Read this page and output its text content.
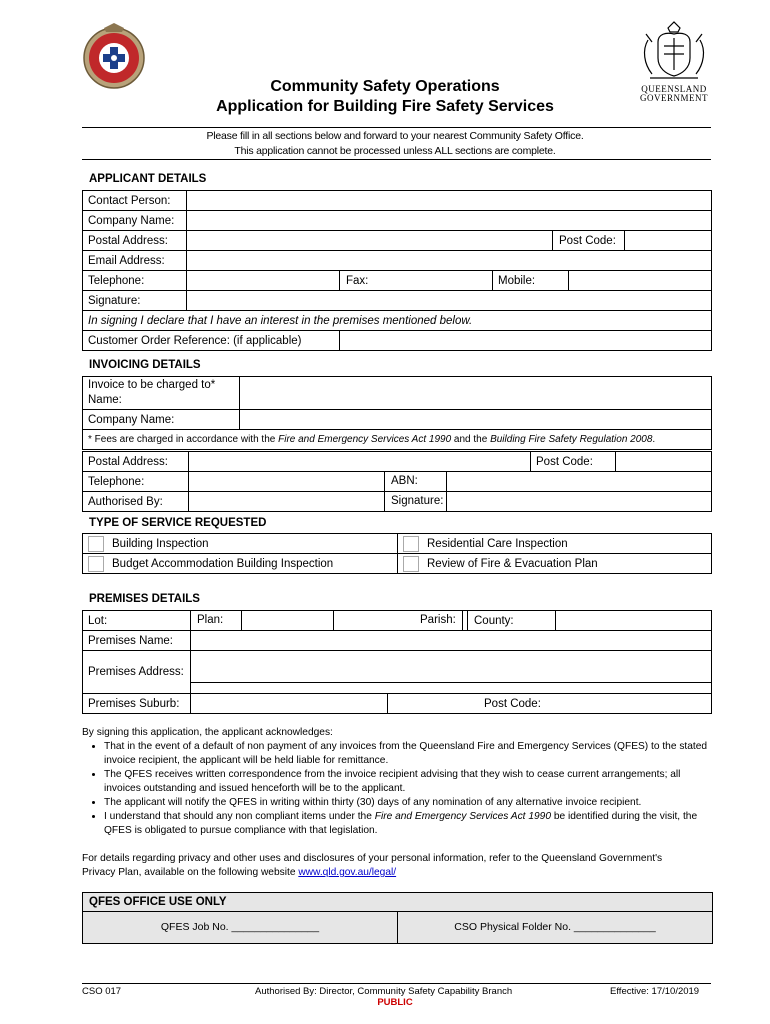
QUEENSLAND
GOVERNMENT
Community Safety Operations
Application for Building Fire Safety Services
Please fill in all sections below and forward to your nearest Community Safety Office.
This application cannot be processed unless ALL sections are complete.
APPLICANT DETAILS
Contact Person:						
Company Name:						
Postal Address:				Post Code:		
Email Address:						
Telephone:		Fax:	Mobile:			
Signature:						
In signing I declare that I have an interest in the premises mentioned below.						
Customer Order Reference: (if applicable)						
INVOICING DETAILS
Invoice to be charged to*
Name:	

Company Name:	
* Fees are charged in accordance with the Fire and Emergency Services Act 1990 and the Building Fire Safety Regulation 2008.	
Postal Address:			Post Code:	
Telephone:		ABN:		
Authorised By:		Signature:		
TYPE OF SERVICE REQUESTED
Building Inspection	Residential Care Inspection
Budget Accommodation Building Inspection	Review of Fire & Evacuation Plan
PREMISES DETAILS
Lot:	Plan:	Parish:		County:	
Premises Name:					
Premises Address:					

Premises Suburb:			Post Code:		
By signing this application, the applicant acknowledges:
• That in the event of a default of non payment of any invoices from the Queensland Fire and Emergency Services (QFES) to the stated invoice recipient, the applicant will be held liable for remittance.
• The QFES receives written correspondence from the invoice recipient advising that they wish to cease current arrangements; all invoices outstanding and issued henceforth will be to the applicant.
• The applicant will notify the QFES in writing within thirty (30) days of any nomination of any alternative invoice recipient.
• I understand that should any non compliant items under the Fire and Emergency Services Act 1990 be identified during the visit, the QFES is obligated to pursue compliance with that legislation.
For details regarding privacy and other uses and disclosures of your personal information, refer to the Queensland Government's
Privacy Plan, available on the following website www.qld.gov.au/legal/
QFES OFFICE USE ONLY
QFES Job No. _______________	CSO Physical Folder No. ______________
CSO 017	Authorised By: Director, Community Safety Capability Branch	Effective: 17/10/2019
PUBLIC
